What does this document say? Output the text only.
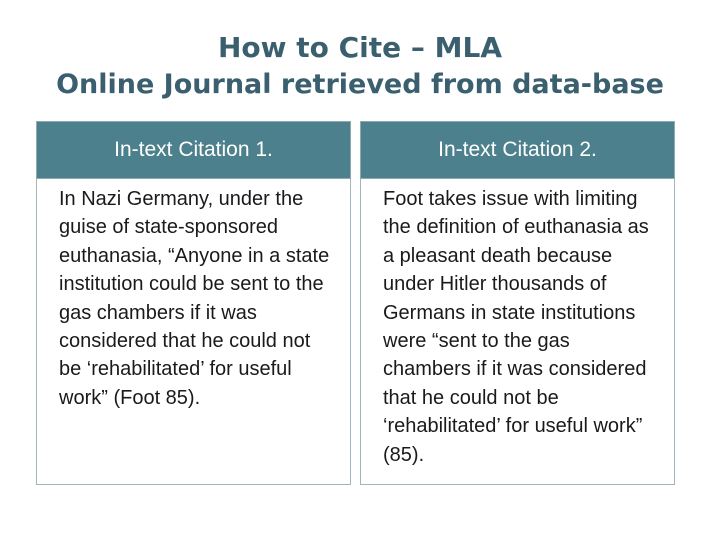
How to Cite – MLA
Online Journal retrieved from data-base
In-text Citation 1.
In Nazi Germany, under the guise of state-sponsored euthanasia, “Anyone in a state institution could be sent to the gas chambers if it was considered that he could not be ‘rehabilitated’ for useful work” (Foot 85).
In-text Citation 2.
Foot takes issue with limiting the definition of euthanasia as a pleasant death because under Hitler thousands of Germans in state institutions were “sent to the gas chambers if it was considered that he could not be ‘rehabilitated’ for useful work” (85).
